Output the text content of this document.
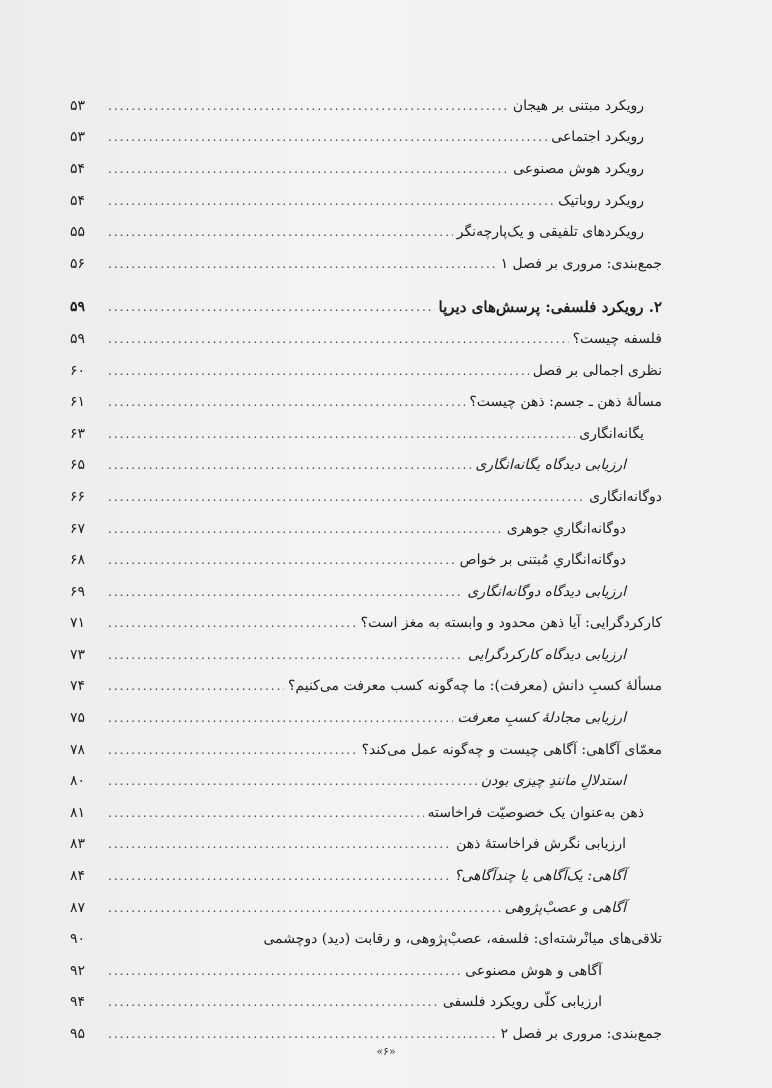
رویکرد مبتنی بر هیجان
.....
۵۳
رویکرد اجتماعی
.....
۵۳
رویکرد هوش مصنوعی
.....
۵۴
رویکرد روباتیک
.....
۵۴
رویکردهای تلفیقی و یک‌پارچه‌نگر
.....
۵۵
جمع‌بندی: مروری بر فصل ۱
.....
۵۶
۲. رویکرد فلسفی: پرسش‌های دیرپا
.....
۵۹
فلسفه چیست؟
.....
۵۹
نظری اجمالی بر فصل
.....
۶۰
مسألهٔ ذهن ـ جسم: ذهن چیست؟
.....
۶۱
یگانه‌انگاری
.....
۶۳
ارزیابی دیدگاه یگانه‌انگاری
.....
۶۵
دوگانه‌انگاری
.....
۶۶
دوگانه‌انگاریِ جوهری
.....
۶۷
دوگانه‌انگاریِ مُبتنی بر خواص
.....
۶۸
ارزیابی دیدگاه دوگانه‌انگاری
.....
۶۹
کارکردگرایی: آیا ذهن محدود و وابسته به مغز است؟
.....
۷۱
ارزیابی دیدگاه کارکردگرایی
.....
۷۳
مسألهٔ کسبِ دانش (معرفت): ما چه‌گونه کسب معرفت می‌کنیم؟
.....
۷۴
ارزیابی مجادلهٔ کسبِ معرفت
.....
۷۵
معمّای آگاهی: آگاهی چیست و چه‌گونه عمل می‌کند؟
.....
۷۸
استدلالِ مانندِ چیزی بودن
.....
۸۰
ذهن به‌عنوان یک خصوصیّت فراخاسته
.....
۸۱
ارزیابی نگرش فراخاستهٔ ذهن
.....
۸۳
آگاهی: یک‌آگاهی یا چندآگاهی؟
.....
۸۴
آگاهی و عصبْ‌پژوهی
.....
۸۷
تلاقی‌های میانْرشته‌ای: فلسفه، عصبْ‌پژوهی، و رقابت (دید) دوچشمی
۹۰
آگاهی و هوش مصنوعی
.....
۹۲
ارزیابی کلّی رویکرد فلسفی
.....
۹۴
جمع‌بندی: مروری بر فصل ۲
.....
۹۵
«۶»
